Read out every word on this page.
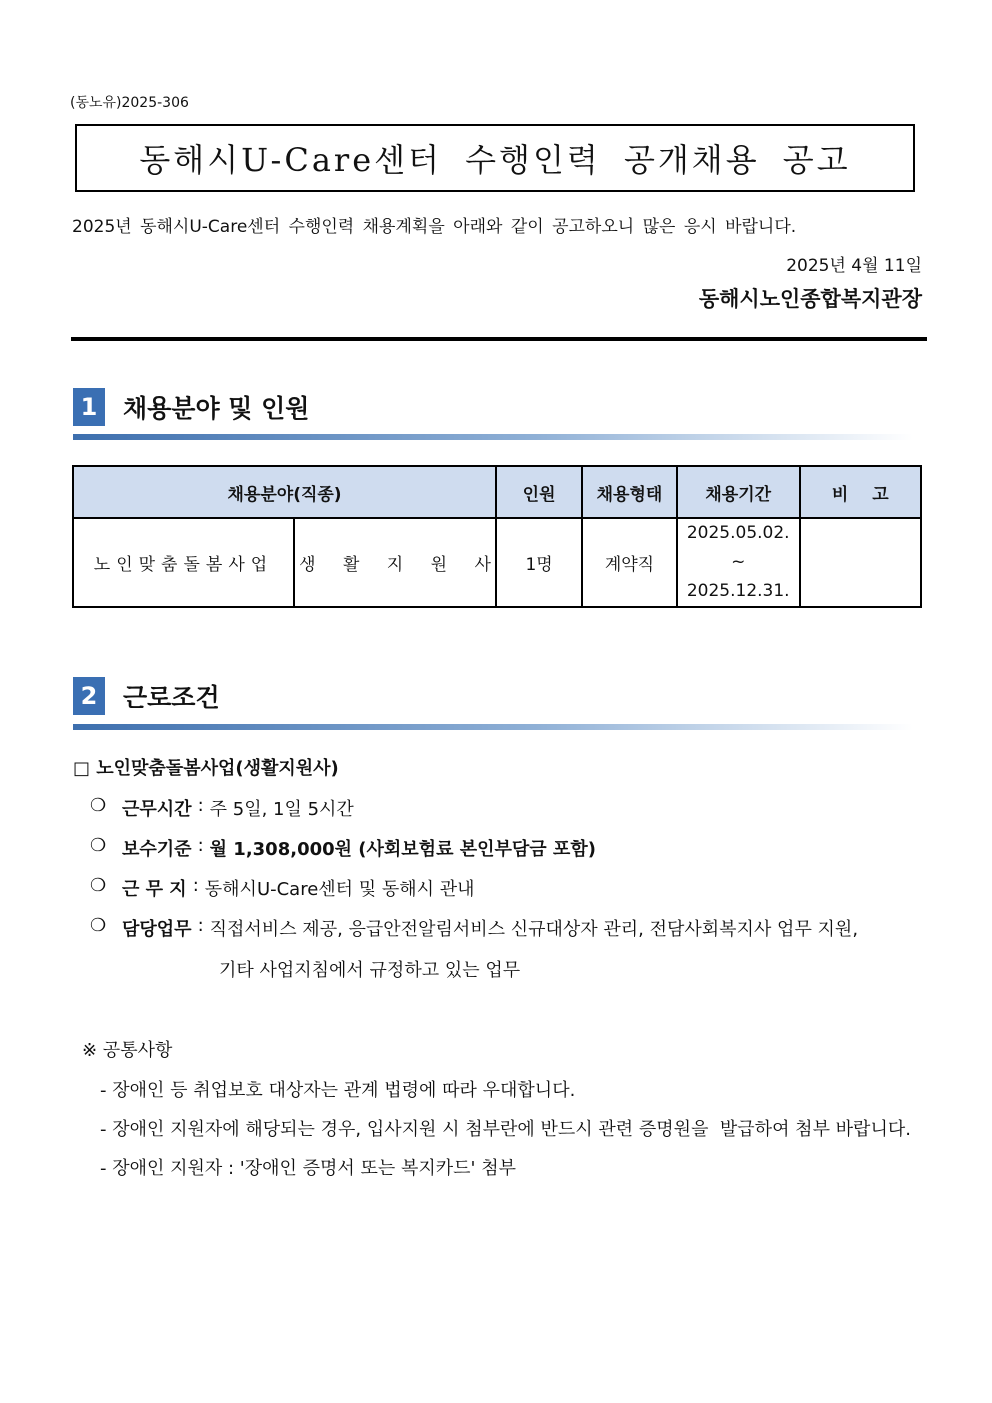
(동노유)2025-306
동해시U-Care센터 수행인력 공개채용 공고
2025년 동해시U-Care센터 수행인력 채용계획을 아래와 같이 공고하오니 많은 응시 바랍니다.
2025년 4월 11일
동해시노인종합복지관장
1	채용분야 및 인원
채용분야(직종)		인원	채용형태	채용기간	비 고
노인맞춤돌봄사업	생 활 지 원 사	1명	계약직	2025.05.02.
~
2025.12.31.	

2	근로조건
□ 노인맞춤돌봄사업(생활지원사)
❍ 근무시간 : 주 5일, 1일 5시간
❍ 보수기준 : 월 1,308,000원 (사회보험료 본인부담금 포함)
❍ 근 무 지 : 동해시U-Care센터 및 동해시 관내
❍ 담당업무 : 직접서비스 제공, 응급안전알림서비스 신규대상자 관리, 전담사회복지사 업무 지원,
기타 사업지침에서 규정하고 있는 업무
※ 공통사항
- 장애인 등 취업보호 대상자는 관계 법령에 따라 우대합니다.
- 장애인 지원자에 해당되는 경우, 입사지원 시 첨부란에 반드시 관련 증명원을  발급하여 첨부 바랍니다.
- 장애인 지원자 : '장애인 증명서 또는 복지카드' 첨부
